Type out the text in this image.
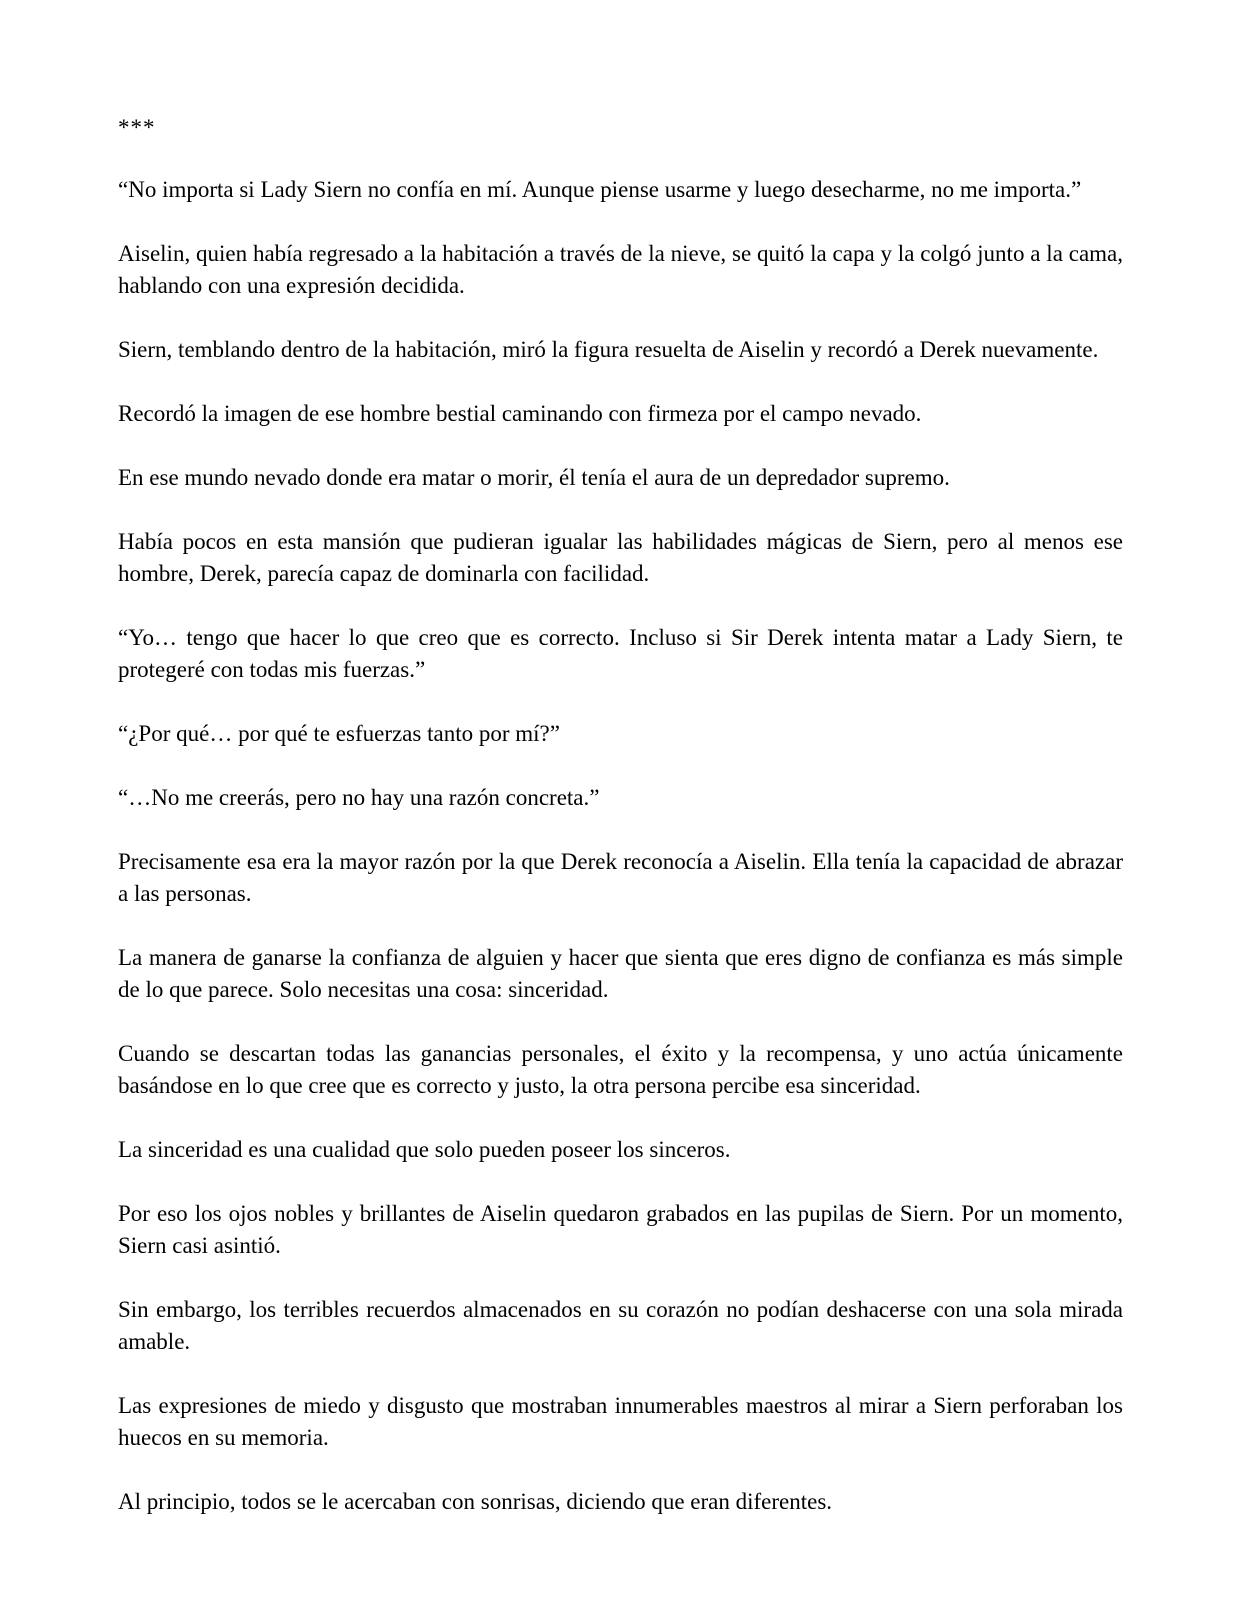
***

“No importa si Lady Siern no confía en mí. Aunque piense usarme y luego desecharme, no me importa.”

Aiselin, quien había regresado a la habitación a través de la nieve, se quitó la capa y la colgó junto a la cama, hablando con una expresión decidida.

Siern, temblando dentro de la habitación, miró la figura resuelta de Aiselin y recordó a Derek nuevamente.

Recordó la imagen de ese hombre bestial caminando con firmeza por el campo nevado.

En ese mundo nevado donde era matar o morir, él tenía el aura de un depredador supremo.

Había pocos en esta mansión que pudieran igualar las habilidades mágicas de Siern, pero al menos ese hombre, Derek, parecía capaz de dominarla con facilidad.

“Yo… tengo que hacer lo que creo que es correcto. Incluso si Sir Derek intenta matar a Lady Siern, te protegeré con todas mis fuerzas.”

“¿Por qué… por qué te esfuerzas tanto por mí?”

“…No me creerás, pero no hay una razón concreta.”

Precisamente esa era la mayor razón por la que Derek reconocía a Aiselin. Ella tenía la capacidad de abrazar a las personas.

La manera de ganarse la confianza de alguien y hacer que sienta que eres digno de confianza es más simple de lo que parece. Solo necesitas una cosa: sinceridad.

Cuando se descartan todas las ganancias personales, el éxito y la recompensa, y uno actúa únicamente basándose en lo que cree que es correcto y justo, la otra persona percibe esa sinceridad.

La sinceridad es una cualidad que solo pueden poseer los sinceros.

Por eso los ojos nobles y brillantes de Aiselin quedaron grabados en las pupilas de Siern. Por un momento, Siern casi asintió.

Sin embargo, los terribles recuerdos almacenados en su corazón no podían deshacerse con una sola mirada amable.

Las expresiones de miedo y disgusto que mostraban innumerables maestros al mirar a Siern perforaban los huecos en su memoria.

Al principio, todos se le acercaban con sonrisas, diciendo que eran diferentes.
